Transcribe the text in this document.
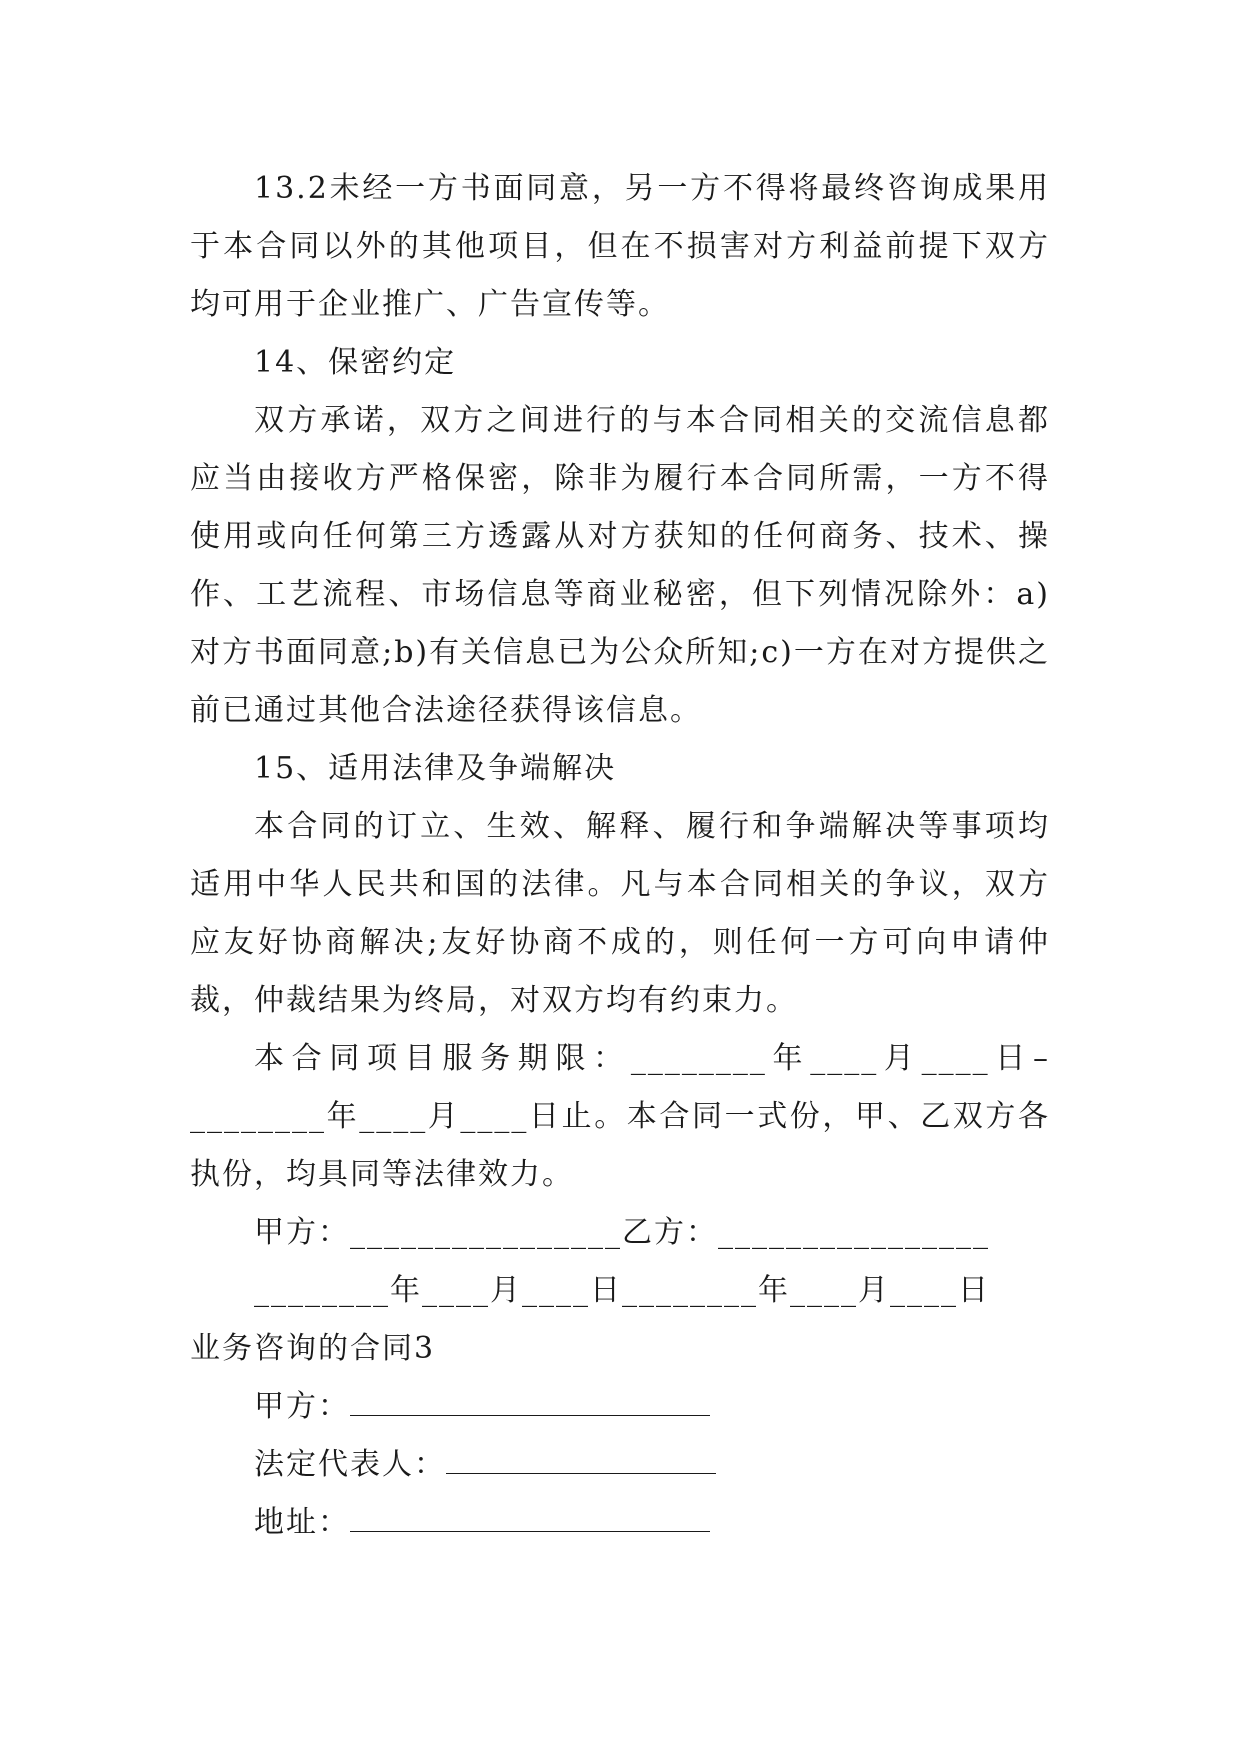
13.2未经一方书面同意，另一方不得将最终咨询成果用于本合同以外的其他项目，但在不损害对方利益前提下双方均可用于企业推广、广告宣传等。

14、保密约定

双方承诺，双方之间进行的与本合同相关的交流信息都应当由接收方严格保密，除非为履行本合同所需，一方不得使用或向任何第三方透露从对方获知的任何商务、技术、操作、工艺流程、市场信息等商业秘密，但下列情况除外：a)对方书面同意;b)有关信息已为公众所知;c)一方在对方提供之前已通过其他合法途径获得该信息。

15、适用法律及争端解决

本合同的订立、生效、解释、履行和争端解决等事项均适用中华人民共和国的法律。凡与本合同相关的争议，双方应友好协商解决;友好协商不成的，则任何一方可向申请仲裁，仲裁结果为终局，对双方均有约束力。

本合同项目服务期限：________年____月____日–________年____月____日止。本合同一式份，甲、乙双方各执份，均具同等法律效力。

甲方：________________乙方：________________

________年____月____日________年____月____日

业务咨询的合同3

甲方：

法定代表人：

地址：
